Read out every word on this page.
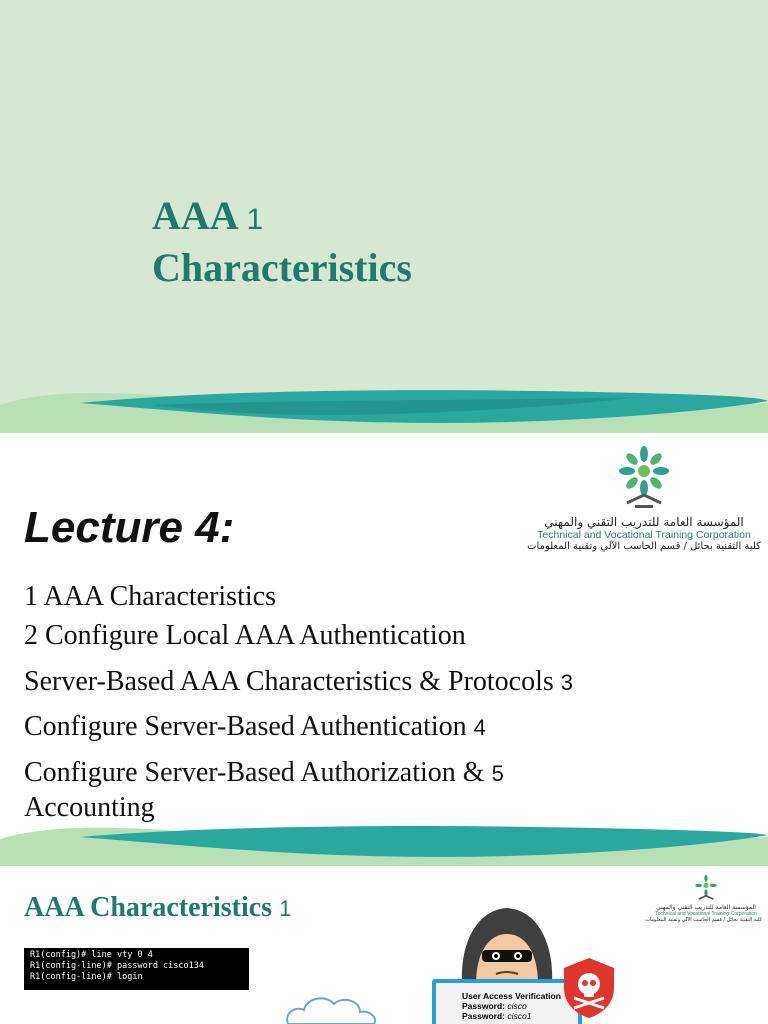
AAA 1
Characteristics
المؤسسة العامة للتدريب التقني والمهني
Technical and Vocational Training Corporation
كلية التقنية بحائل / قسم الحاسب الآلي وتقنية المعلومات
Lecture 4:
1 AAA Characteristics
2 Configure Local AAA Authentication
Server-Based AAA Characteristics & Protocols 3
Configure Server-Based Authentication 4
Configure Server-Based Authorization & 5
Accounting
AAA Characteristics 1	المؤسسة العامة للتدريب التقني والمهني
Technical and Vocational Training Corporation
كلية التقنية بحائل / قسم الحاسب الآلي وتقنية المعلومات
R1(config)# line vty 0 4
R1(config-line)# password cisco134
R1(config-line)# login
User Access Verification
Password: cisco
Password: cisco1
